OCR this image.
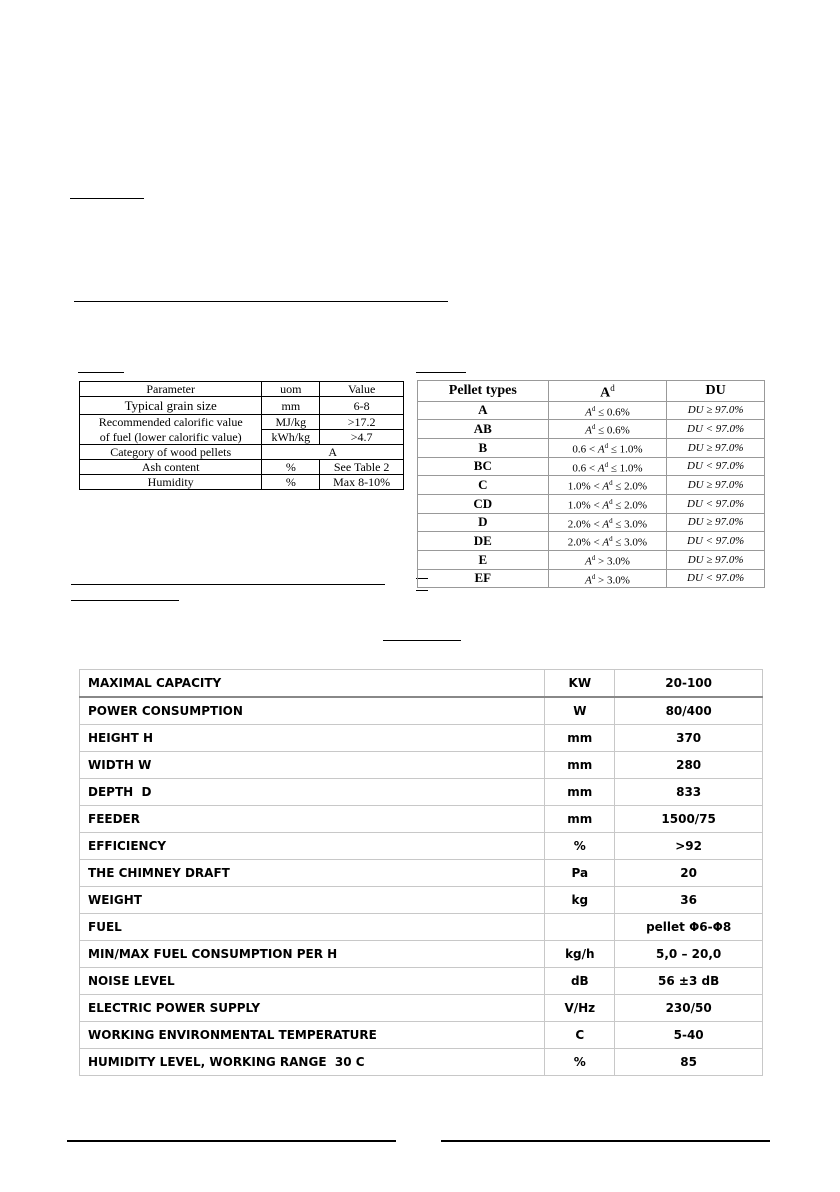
Parameter	uom	Value
Typical grain size	mm	6-8
Recommended calorific value	MJ/kg	>17.2
of fuel (lower calorific value)	kWh/kg	>4.7
Category of wood pellets	A	
Ash content	%	See Table 2
Humidity	%	Max 8-10%
Pellet types	$A^d$	DU
A	$A^d \le 0.6\%$	DU ≥ 97.0%
AB	$A^d \le 0.6\%$	DU < 97.0%
B	$0.6 < A^d \le 1.0\%$	DU ≥ 97.0%
BC	$0.6 < A^d \le 1.0\%$	DU < 97.0%
C	$1.0\% < A^d \le 2.0\%$	DU ≥ 97.0%
CD	$1.0\% < A^d \le 2.0\%$	DU < 97.0%
D	$2.0\% < A^d \le 3.0\%$	DU ≥ 97.0%
DE	$2.0\% < A^d \le 3.0\%$	DU < 97.0%
E	$A^d > 3.0\%$	DU ≥ 97.0%
EF	$A^d > 3.0\%$	DU < 97.0%
MAXIMAL CAPACITY	KW	20-100
POWER CONSUMPTION	W	80/400
HEIGHT H	mm	370
WIDTH W	mm	280
DEPTH  D	mm	833
FEEDER	mm	1500/75
EFFICIENCY	%	>92
THE CHIMNEY DRAFT	Pa	20
WEIGHT	kg	36
FUEL		pellet Φ6-Φ8
MIN/MAX FUEL CONSUMPTION PER H	kg/h	5,0 – 20,0
NOISE LEVEL	dB	56 ±3 dB
ELECTRIC POWER SUPPLY	V/Hz	230/50
WORKING ENVIRONMENTAL TEMPERATURE	C	5-40
HUMIDITY LEVEL, WORKING RANGE  30 C	%	85
